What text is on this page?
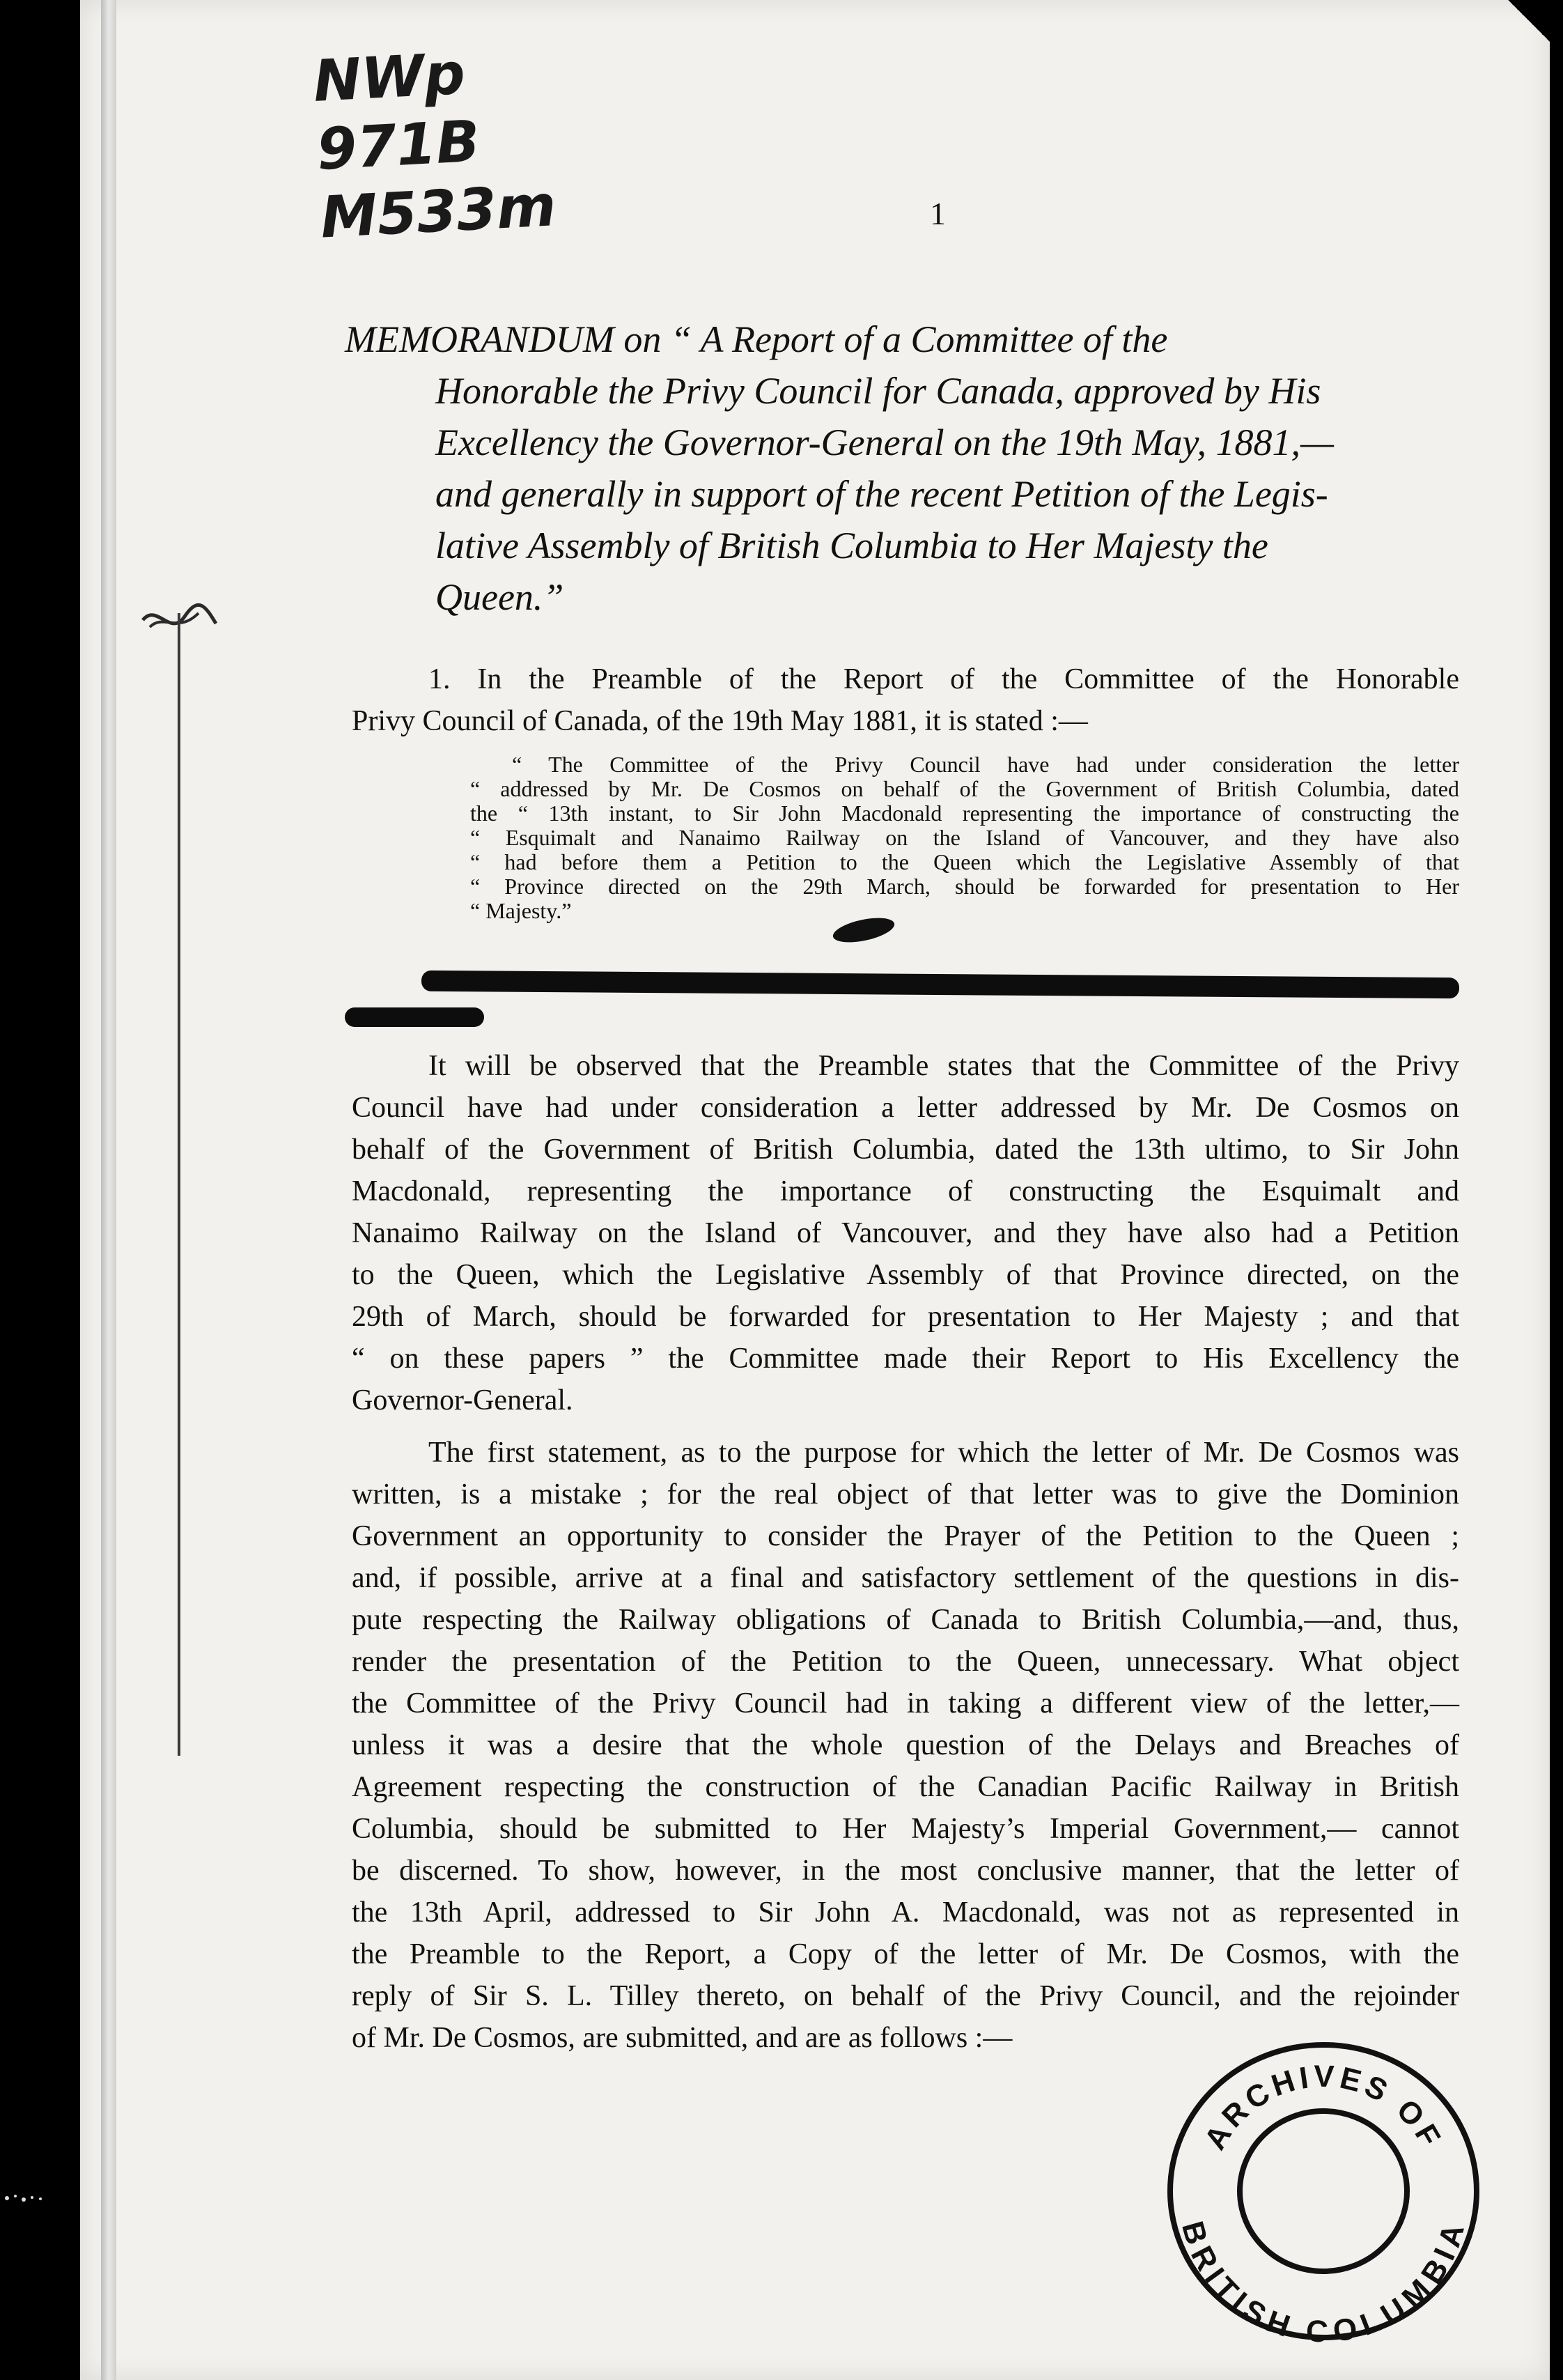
NWp
971B
M533m	1
MEMORANDUM on “ A Report of a Committee of the
Honorable the Privy Council for Canada, approved by His
Excellency the Governor-General on the 19th May, 1881,—
and generally in support of the recent Petition of the Legis-
lative Assembly of British Columbia to Her Majesty the
Queen.”
1. In the Preamble of the Report of the Committee of the Honorable
Privy Council of Canada, of the 19th May 1881, it is stated :—
“ The Committee of the Privy Council have had under consideration the letter
“ addressed by Mr. De Cosmos on behalf of the Government of British Columbia, dated
the “ 13th instant, to Sir John Macdonald representing the importance of constructing the
“ Esquimalt and Nanaimo Railway on the Island of Vancouver, and they have also
“ had before them a Petition to the Queen which the Legislative Assembly of that
“ Province directed on the 29th March, should be forwarded for presentation to Her
“ Majesty.”
It will be observed that the Preamble states that the Committee of the Privy
Council have had under consideration a letter addressed by Mr. De Cosmos on
behalf of the Government of British Columbia, dated the 13th ultimo, to Sir John
Macdonald, representing the importance of constructing the Esquimalt and
Nanaimo Railway on the Island of Vancouver, and they have also had a Petition
to the Queen, which the Legislative Assembly of that Province directed, on the
29th of March, should be forwarded for presentation to Her Majesty ; and that
“ on these papers ” the Committee made their Report to His Excellency the
Governor-General.
The first statement, as to the purpose for which the letter of Mr. De Cosmos was
written, is a mistake ; for the real object of that letter was to give the Dominion
Government an opportunity to consider the Prayer of the Petition to the Queen ;
and, if possible, arrive at a final and satisfactory settlement of the questions in dis-
pute respecting the Railway obligations of Canada to British Columbia,—and, thus,
render the presentation of the Petition to the Queen, unnecessary. What object
the Committee of the Privy Council had in taking a different view of the letter,—
unless it was a desire that the whole question of the Delays and Breaches of
Agreement respecting the construction of the Canadian Pacific Railway in British
Columbia, should be submitted to Her Majesty’s Imperial Government,— cannot
be discerned. To show, however, in the most conclusive manner, that the letter of
the 13th April, addressed to Sir John A. Macdonald, was not as represented in
the Preamble to the Report, a Copy of the letter of Mr. De Cosmos, with the
reply of Sir S. L. Tilley thereto, on behalf of the Privy Council, and the rejoinder
of Mr. De Cosmos, are submitted, and are as follows :—
ARCHIVES OF
BRITISH COLUMBIA
